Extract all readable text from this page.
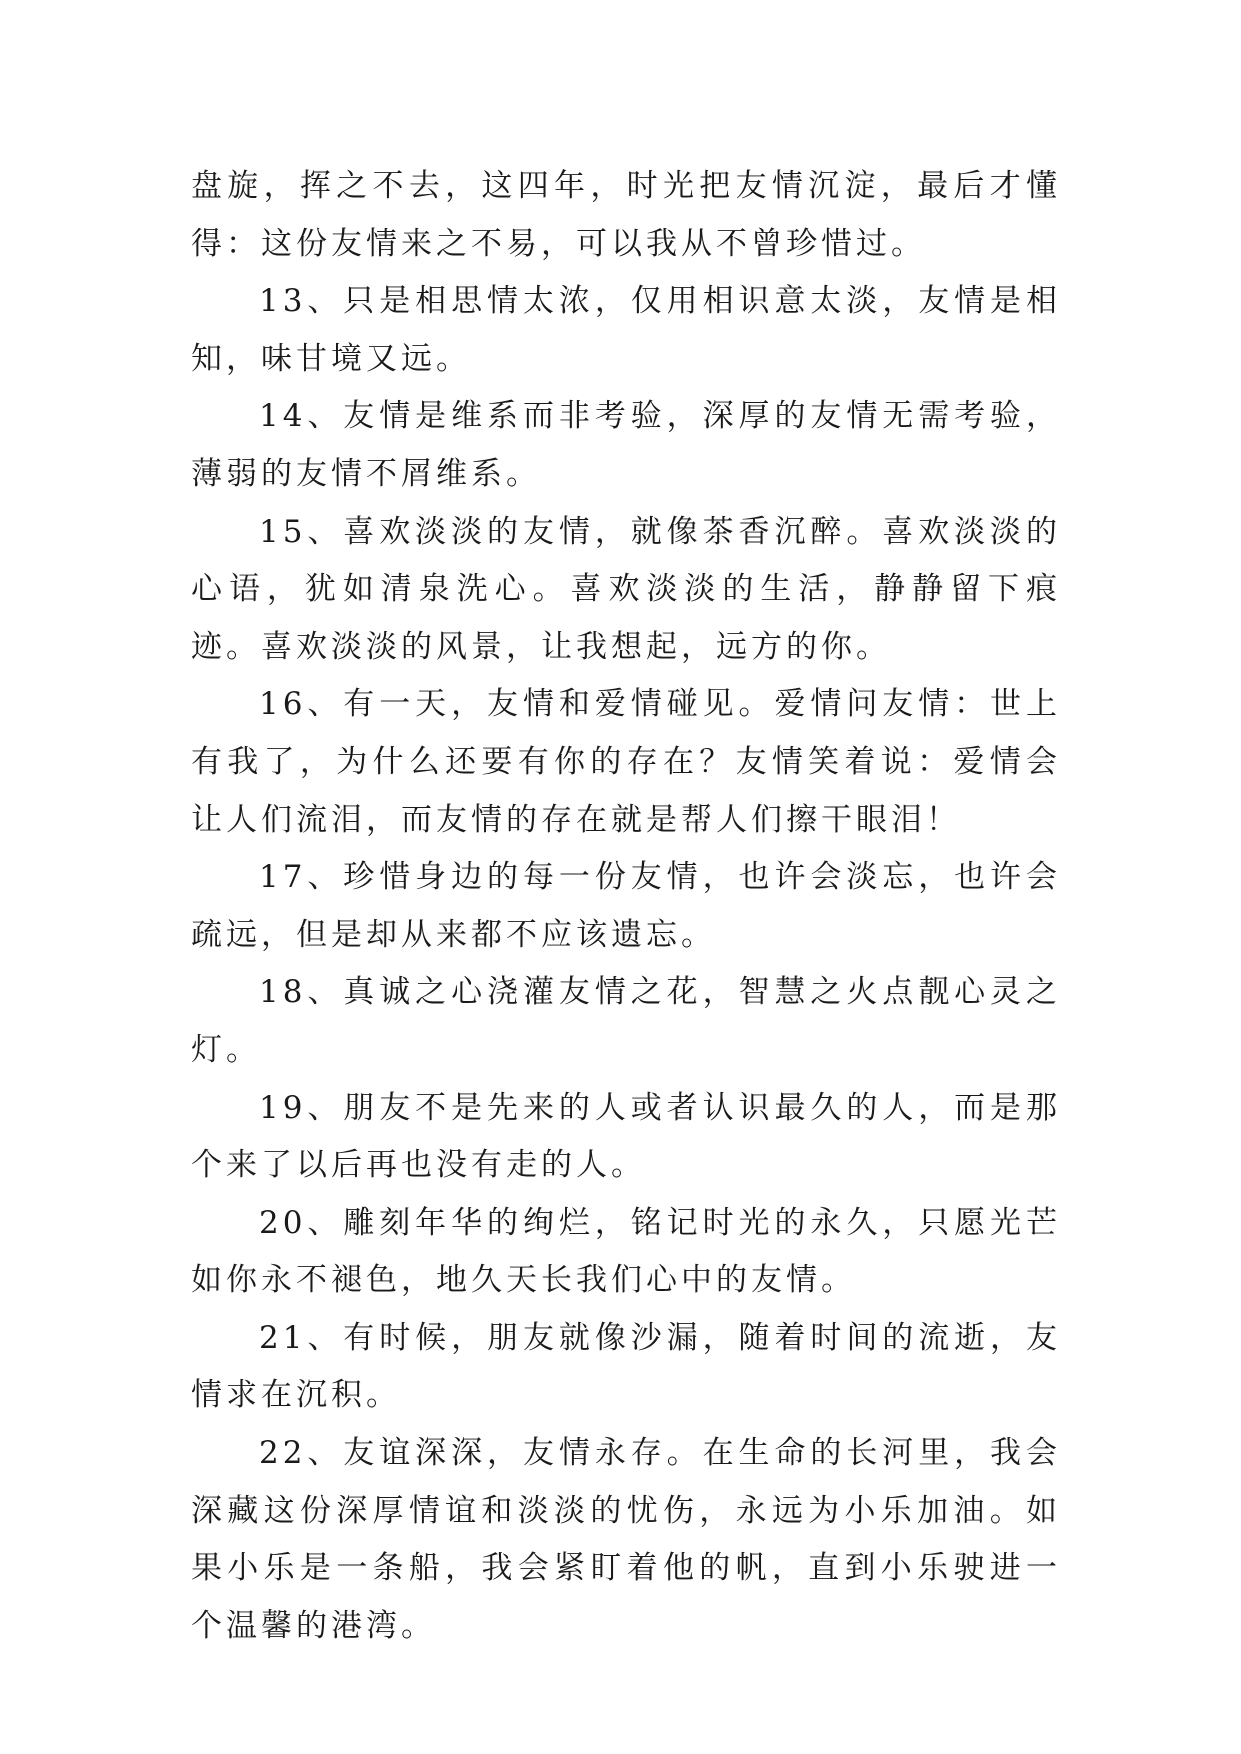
盘旋，挥之不去，这四年，时光把友情沉淀，最后才懂得：这份友情来之不易，可以我从不曾珍惜过。

13、只是相思情太浓，仅用相识意太淡，友情是相知，味甘境又远。

14、友情是维系而非考验，深厚的友情无需考验，薄弱的友情不屑维系。

15、喜欢淡淡的友情，就像茶香沉醉。喜欢淡淡的心语，犹如清泉洗心。喜欢淡淡的生活，静静留下痕迹。喜欢淡淡的风景，让我想起，远方的你。

16、有一天，友情和爱情碰见。爱情问友情：世上有我了，为什么还要有你的存在？友情笑着说：爱情会让人们流泪，而友情的存在就是帮人们擦干眼泪！

17、珍惜身边的每一份友情，也许会淡忘，也许会疏远，但是却从来都不应该遗忘。

18、真诚之心浇灌友情之花，智慧之火点靓心灵之灯。

19、朋友不是先来的人或者认识最久的人，而是那个来了以后再也没有走的人。

20、雕刻年华的绚烂，铭记时光的永久，只愿光芒如你永不褪色，地久天长我们心中的友情。

21、有时候，朋友就像沙漏，随着时间的流逝，友情求在沉积。

22、友谊深深，友情永存。在生命的长河里，我会深藏这份深厚情谊和淡淡的忧伤，永远为小乐加油。如果小乐是一条船，我会紧盯着他的帆，直到小乐驶进一个温馨的港湾。
